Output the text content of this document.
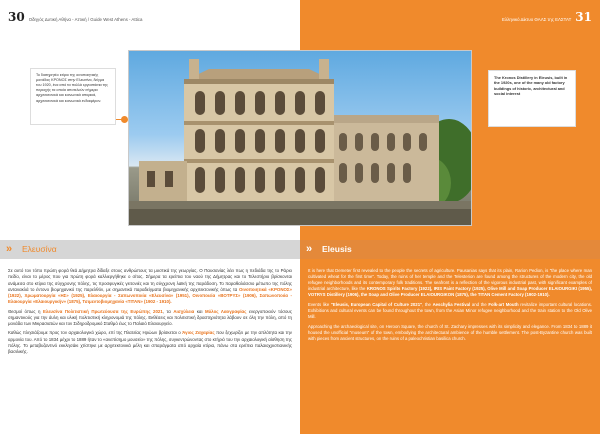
30 Οδηγός Δυτική Αθήνα - Αττική / Guide West Athens - Attica	Ελληνικό Δίκτυο ΘΑΛΣ της ΕΛΣΤΑΤ 31
Το διατηρητέο κτίριο της οινοποιητικής μονάδας ΚΡΟΝΟΣ στην Ελευσίνα, δείγμα του 1920, ένα από τα πολλά εργοστάσια της περιοχής τα οποία αποτελούν σήμερα αρχιτεκτονικά και κοινωνικά ιστορικά, αρχιτεκτονικά και κοινωνικά ενδιαφέρον.
The Kronos Distillery in Eleusis, built in the 1920s, one of the many old factory buildings of historic, architectural and social interest
»	»
Ελευσίνα	Eleusis

Σε αυτό τον τόπο πρώτη φορά θεά Δήμητρα δίδαξε στους ανθρώπους τα μυστικά της γεωργίας. Ο Παυσανίας λέει πως η πεδιάδα της το Ράριο πεδίο, είναι το μέρος που για πρώτη φορά καλλιεργήθηκε ο σίτος. Σήμερα τα ερείπια του ναού της Δήμητρας και το Τελεστήριο βρίσκονται ανάμεσα στο κτίρια της σύγχρονης πόλης, τις προσφυγικές γειτονιές και τη σύγχρονη λαϊκή της παράδοση. Το παραθαλάσσιο μέτωπο της πόλης αντανακλά το έντονο βιομηχανικό της παρελθόν, με σημαντικά παραδείγματα βιομηχανικής αρχιτεκτονικής όπως τα Οινοποιητικά «ΚΡΟΝΟΣ» (1922), Χρωματουργία «ΗΣ» (1925), Ελαιουργία - Σαπωνοποιία «Ελευσίνα» (1951), Οινοποιεία «ΒΟΤΡΥΣ» (1906), Σαπωνοποιία - Ελαιουργία «Ελαιουργικήν» (1875), Τσιμεντοβιομηχανία «ΤΙΤΑΝ» (1902 - 1910).

Θεσμοί όπως η Ελευσίνα Πολιτιστική Πρωτεύουσα της Ευρώπης 2021, τα Αισχύλεια και Μύλος Λαογραφίας ενεργοποιούν τόσους σημαντικούς για την άυλη και υλική πολιτιστική κληρονομιά της πόλης. Εκθέσεις και πολιτιστική δραστηριότητα λάβουν σε όλη την πόλη, από τη μονάδα των Μικρασιατών και τον Σιδηροδρομικό Σταθμό έως το Παλαιό Ελαιουργείο.

Καθώς πλησιάζουμε προς τον αρχαιολογικό χώρο, επί της Πλατείας Ηρώων βρίσκεται ο Άγιος Ζαχαρίας που ξεχωρίζει με την απλότητα και την αρμονία του. Από το 1834 μέχρι το 1889 ήταν το «ανεπίσημο μουσείο» της πόλης, συγκεντρώνοντας στο κτήριό του την αρχαιολογική αίσθηση της πόλης. Το μεταβυζαντινό εκκλησάκι χτίστηκε με αρχιτεκτονικά μέλη και σπαράγματα από αρχαία κτίρια, πάνω στα ερείπια παλαιοχριστιανικής βασιλικής.

It is here that Demeter first revealed to the people the secrets of agriculture. Pausanias says that its plain, Rarion Pedion, is "the place where man cultivated wheat for the first time". Today, the ruins of her temple and the Telesterion are found among the structures of the modern city, the old refugee neighborhoods and its contemporary folk traditions. The seafront is a reflection of the vigorous industrial past, with significant examples of industrial architecture, like the KRONOS Spirits Factory (1922), IRIS Paint Factory (1925), Olive Mill and Soap Producer ELAIOURGIKI (1955), VOTRYS Distillery (1906), the Soap and Olive Producer ELAIOURGIKON (1875), the TITAN Cement Factory (1902-1910).

Events like "Eleusis, European Capital of Culture 2021", the Aeschylia Festival and the Folk-art Mouth revitalize important cultural locations. Exhibitions and cultural events can be found throughout the town, from the Asian Minor refugee neighborhood and the train station to the Old Olive Mill.

Approaching the archaeological site, on Heroon Square, the church of St. Zachary impresses with its simplicity and elegance. From 1834 to 1889 it housed the unofficial "museum" of the town, embodying the architectural ambience of the humble settlement. The post-Byzantine church was built with pieces from ancient structures, on the ruins of a paleochristian basilica church.
